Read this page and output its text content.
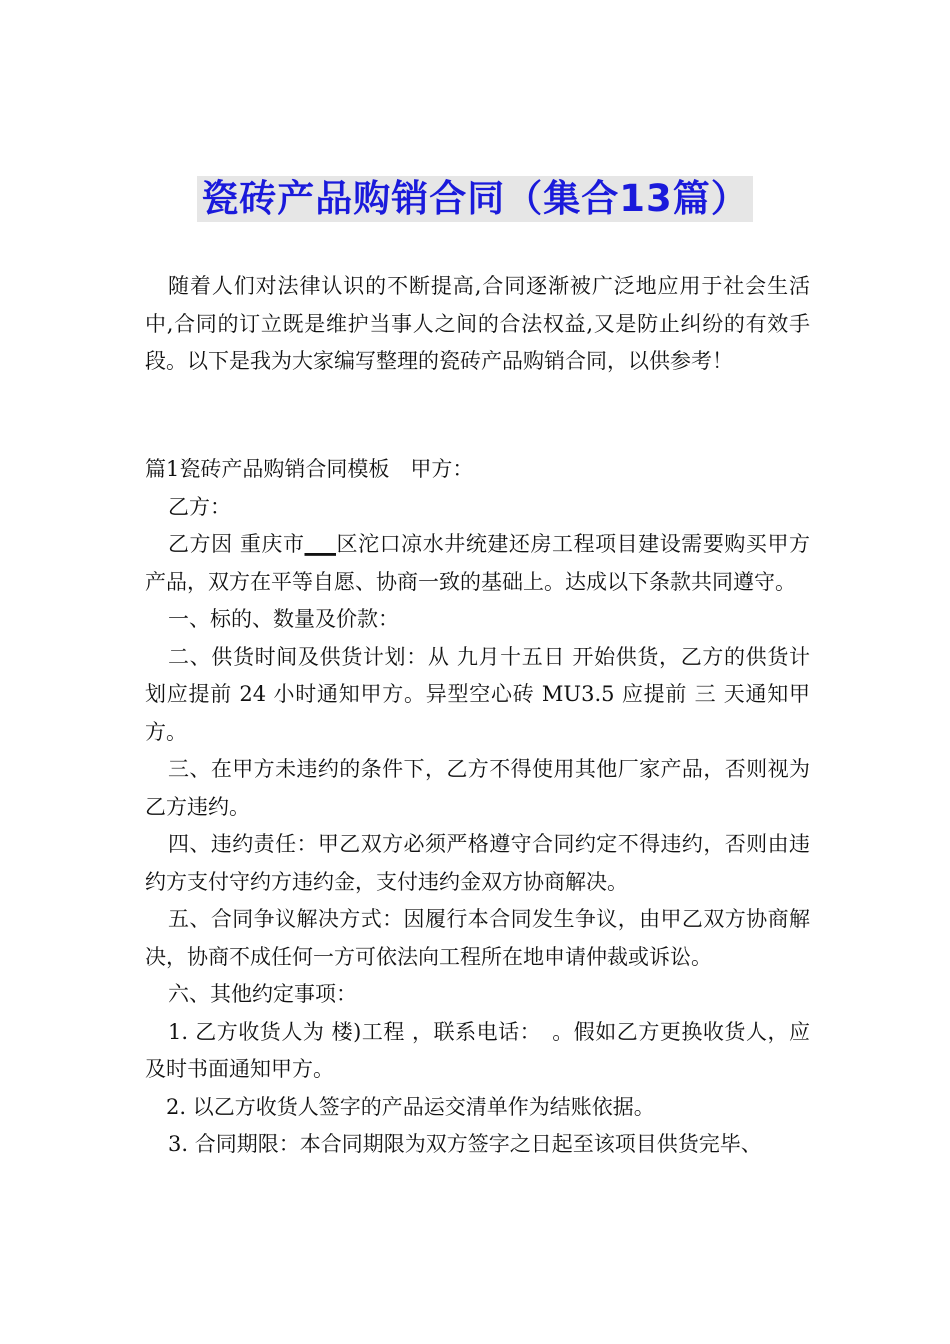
瓷砖产品购销合同（集合13篇）

随着人们对法律认识的不断提高,合同逐渐被广泛地应用于社会生活中,合同的订立既是维护当事人之间的合法权益,又是防止纠纷的有效手段。以下是我为大家编写整理的瓷砖产品购销合同，以供参考！

篇1瓷砖产品购销合同模板　甲方：

乙方：

乙方因 重庆市___区沱口凉水井统建还房工程项目建设需要购买甲方产品，双方在平等自愿、协商一致的基础上。达成以下条款共同遵守。

一、标的、数量及价款：

二、供货时间及供货计划：从 九月十五日 开始供货，乙方的供货计划应提前 24 小时通知甲方。异型空心砖 MU3.5 应提前 三 天通知甲方。

三、在甲方未违约的条件下，乙方不得使用其他厂家产品，否则视为乙方违约。

四、违约责任：甲乙双方必须严格遵守合同约定不得违约，否则由违约方支付守约方违约金，支付违约金双方协商解决。

五、合同争议解决方式：因履行本合同发生争议，由甲乙双方协商解决，协商不成任何一方可依法向工程所在地申请仲裁或诉讼。

六、其他约定事项：

1. 乙方收货人为 楼)工程 ，联系电话：　。假如乙方更换收货人，应及时书面通知甲方。

2. 以乙方收货人签字的产品运交清单作为结账依据。

3. 合同期限：本合同期限为双方签字之日起至该项目供货完毕、
